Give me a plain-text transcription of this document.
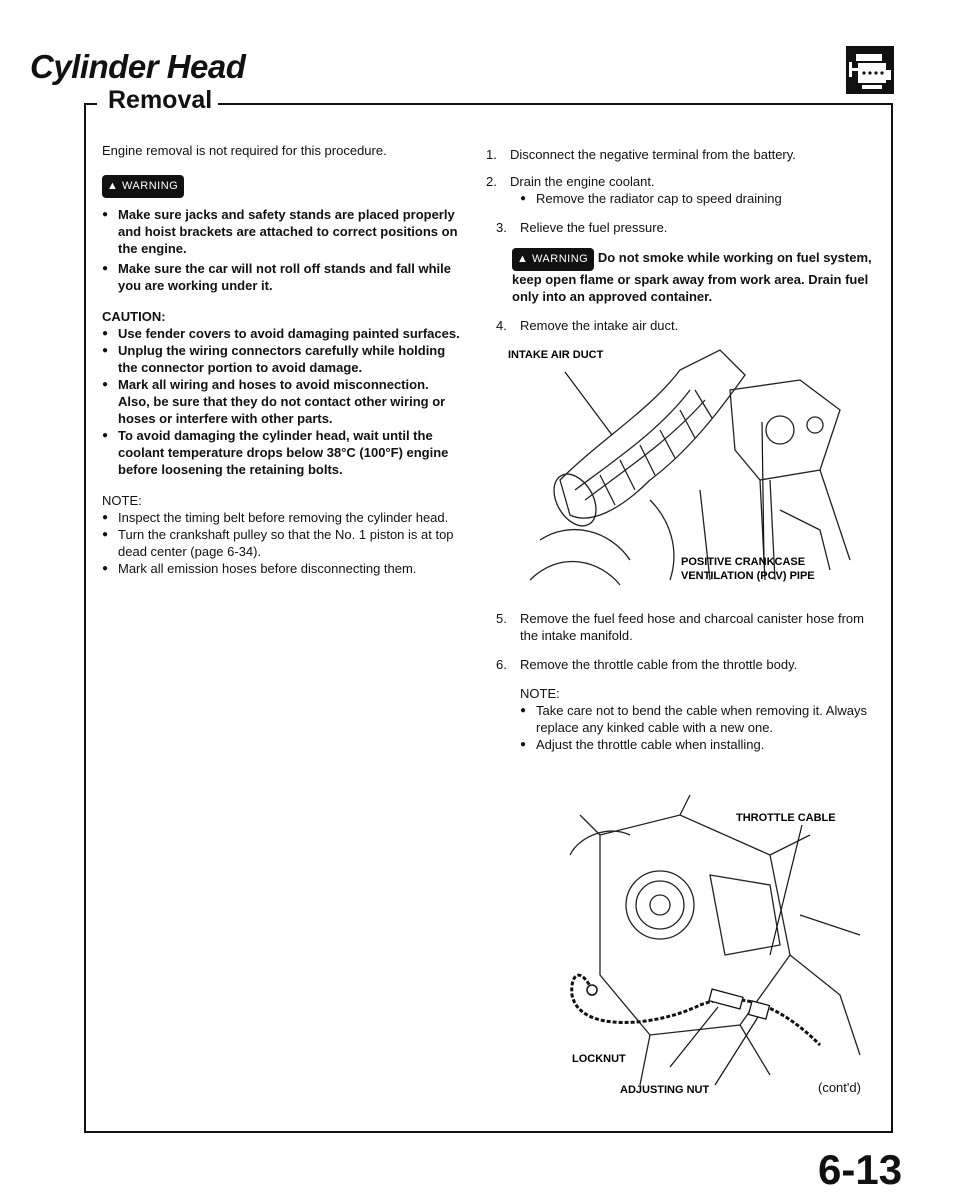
Cylinder Head
Removal

Engine removal is not required for this procedure.

▲ WARNING
● Make sure jacks and safety stands are placed properly and hoist brackets are attached to correct positions on the engine.
● Make sure the car will not roll off stands and fall while you are working under it.

CAUTION:

● Use fender covers to avoid damaging painted surfaces.
● Unplug the wiring connectors carefully while holding the connector portion to avoid damage.
● Mark all wiring and hoses to avoid misconnection. Also, be sure that they do not contact other wiring or hoses or interfere with other parts.
● To avoid damaging the cylinder head, wait until the coolant temperature drops below 38°C (100°F) engine before loosening the retaining bolts.

NOTE:

● Inspect the timing belt before removing the cylinder head.
● Turn the crankshaft pulley so that the No. 1 piston is at top dead center (page 6-34).
● Mark all emission hoses before disconnecting them.
1. Disconnect the negative terminal from the battery.
2. Drain the engine coolant.
● Remove the radiator cap to speed draining
3. Relieve the fuel pressure.
▲ WARNING Do not smoke while working on fuel system, keep open flame or spark away from work area. Drain fuel only into an approved container.
4. Remove the intake air duct.
INTAKE AIR DUCT
POSITIVE CRANKCASE
VENTILATION (PCV) PIPE
5. Remove the fuel feed hose and charcoal canister hose from the intake manifold.
6. Remove the throttle cable from the throttle body.

NOTE:

● Take care not to bend the cable when removing it. Always replace any kinked cable with a new one.
● Adjust the throttle cable when installing.
THROTTLE CABLE
LOCKNUT
ADJUSTING NUT	(cont'd)
6-13
